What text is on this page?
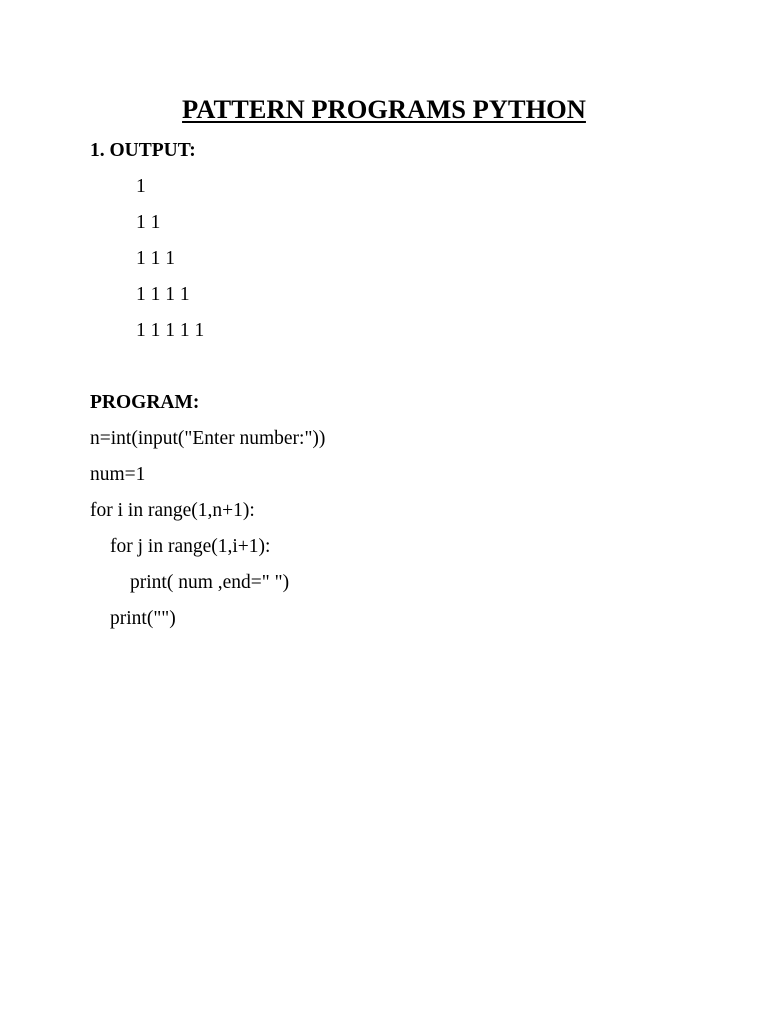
PATTERN PROGRAMS PYTHON
1. OUTPUT:
1
1 1
1 1 1
1 1 1 1
1 1 1 1 1
PROGRAM:
n=int(input("Enter number:"))
num=1
for i in range(1,n+1):
for j in range(1,i+1):
print( num ,end=" ")
print("")
